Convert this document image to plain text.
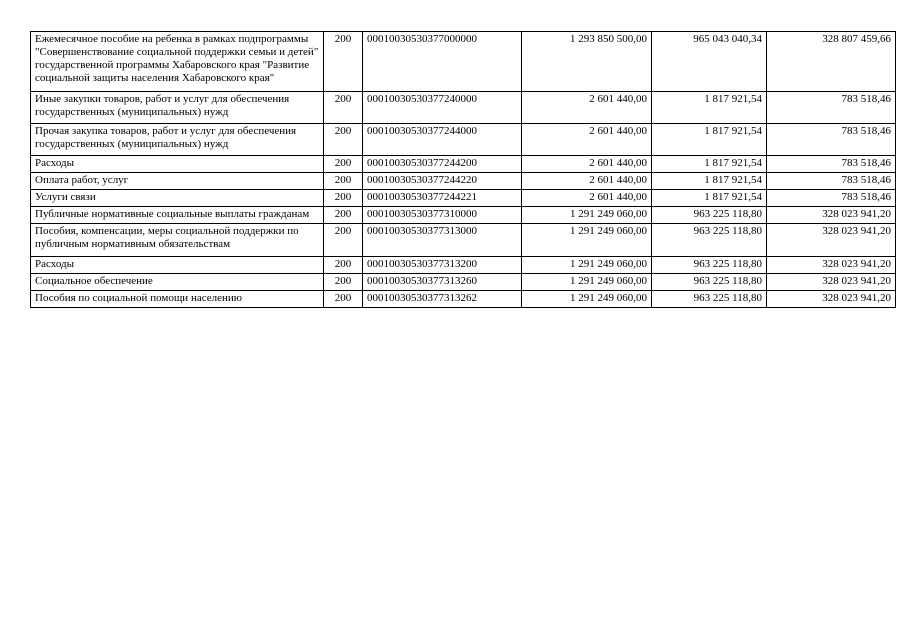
Ежемесячное пособие на ребенка в рамках подпрограммы "Совершенствование социальной поддержки семьи и детей" государственной программы Хабаровского края "Развитие социальной защиты населения Хабаровского края"	200	00010030530377000000	1 293 850 500,00	965 043 040,34	328 807 459,66
Иные закупки товаров, работ и услуг для обеспечения государственных (муниципальных) нужд	200	00010030530377240000	2 601 440,00	1 817 921,54	783 518,46
Прочая закупка товаров, работ и услуг для обеспечения государственных (муниципальных) нужд	200	00010030530377244000	2 601 440,00	1 817 921,54	783 518,46
Расходы	200	00010030530377244200	2 601 440,00	1 817 921,54	783 518,46
Оплата работ, услуг	200	00010030530377244220	2 601 440,00	1 817 921,54	783 518,46
Услуги связи	200	00010030530377244221	2 601 440,00	1 817 921,54	783 518,46
Публичные нормативные социальные выплаты гражданам	200	00010030530377310000	1 291 249 060,00	963 225 118,80	328 023 941,20
Пособия, компенсации, меры социальной поддержки по публичным нормативным обязательствам	200	00010030530377313000	1 291 249 060,00	963 225 118,80	328 023 941,20
Расходы	200	00010030530377313200	1 291 249 060,00	963 225 118,80	328 023 941,20
Социальное обеспечение	200	00010030530377313260	1 291 249 060,00	963 225 118,80	328 023 941,20
Пособия по социальной помощи населению	200	00010030530377313262	1 291 249 060,00	963 225 118,80	328 023 941,20
